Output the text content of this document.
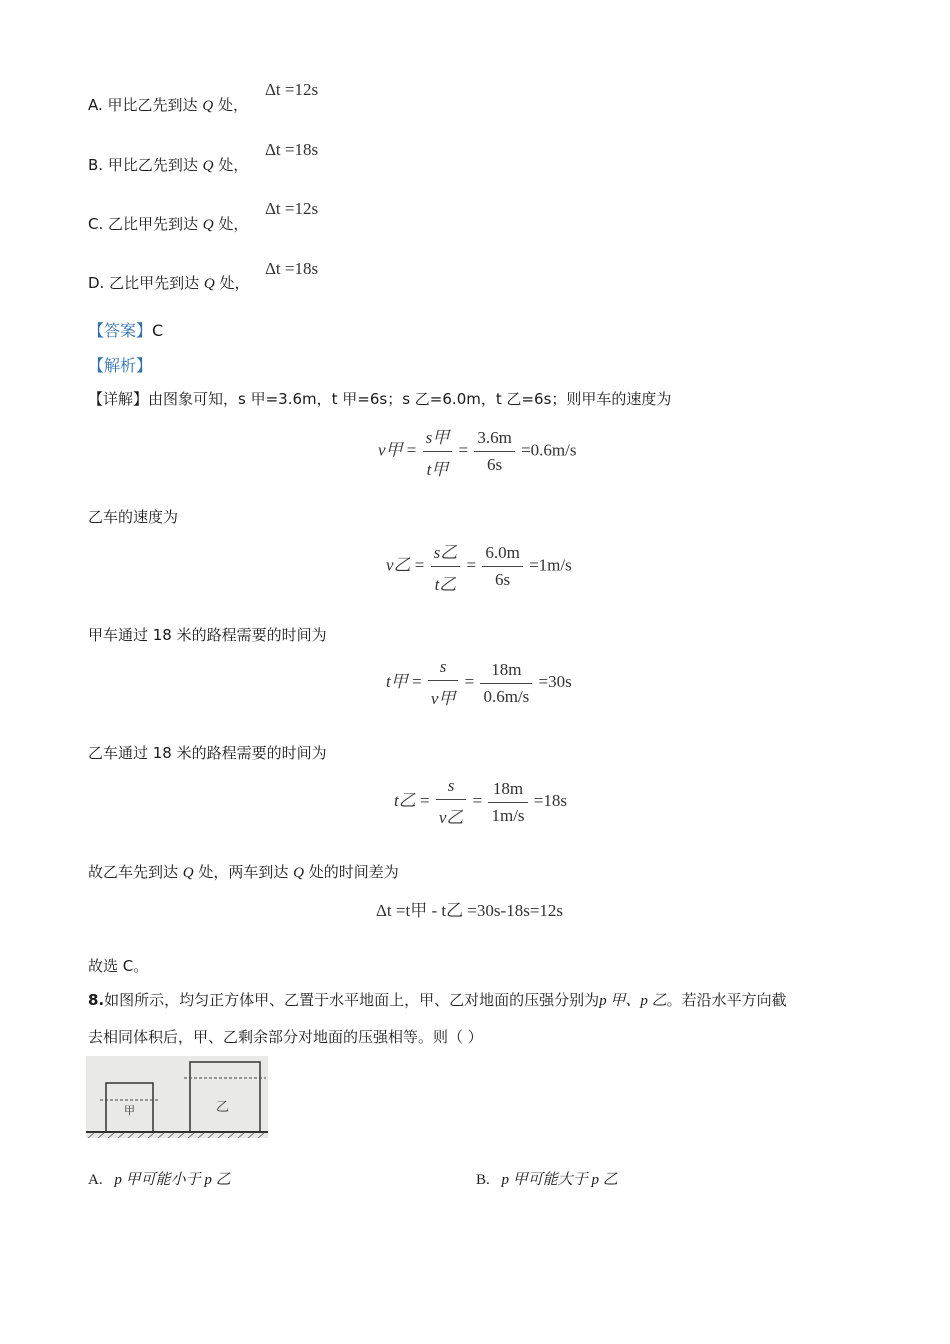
A. 甲比乙先到达 Q 处，
Δt =12s
B. 甲比乙先到达 Q 处，
Δt =18s
C. 乙比甲先到达 Q 处，
Δt =12s
D. 乙比甲先到达 Q 处，
Δt =18s
【答案】C
【解析】
【详解】由图象可知，s 甲=3.6m，t 甲=6s；s 乙=6.0m，t 乙=6s；则甲车的速度为
v甲 = $\frac{\text{s甲}}{\text{t甲}} = \frac{3.6m}{6s} =0.6m/s$
乙车的速度为
v乙 = $\frac{\text{s乙}}{\text{t乙}} = \frac{6.0m}{6s} =1m/s$
甲车通过 18 米的路程需要的时间为
t甲 = $\frac{s}{\text{v甲}} = \frac{18m}{0.6m/s} =30s$
乙车通过 18 米的路程需要的时间为
t乙 = $\frac{s}{\text{v乙}} = \frac{18m}{1m/s} =18s$
故乙车先到达 Q 处，两车到达 Q 处的时间差为
Δt =t甲 - t乙 =30s-18s=12s
故选 C。
8.如图所示，均匀正方体甲、乙置于水平地面上，甲、乙对地面的压强分别为p 甲、p 乙。若沿水平方向截
去相同体积后，甲、乙剩余部分对地面的压强相等。则（ ）
甲	乙
A. p 甲可能小于 p 乙	B. p 甲可能大于 p 乙
